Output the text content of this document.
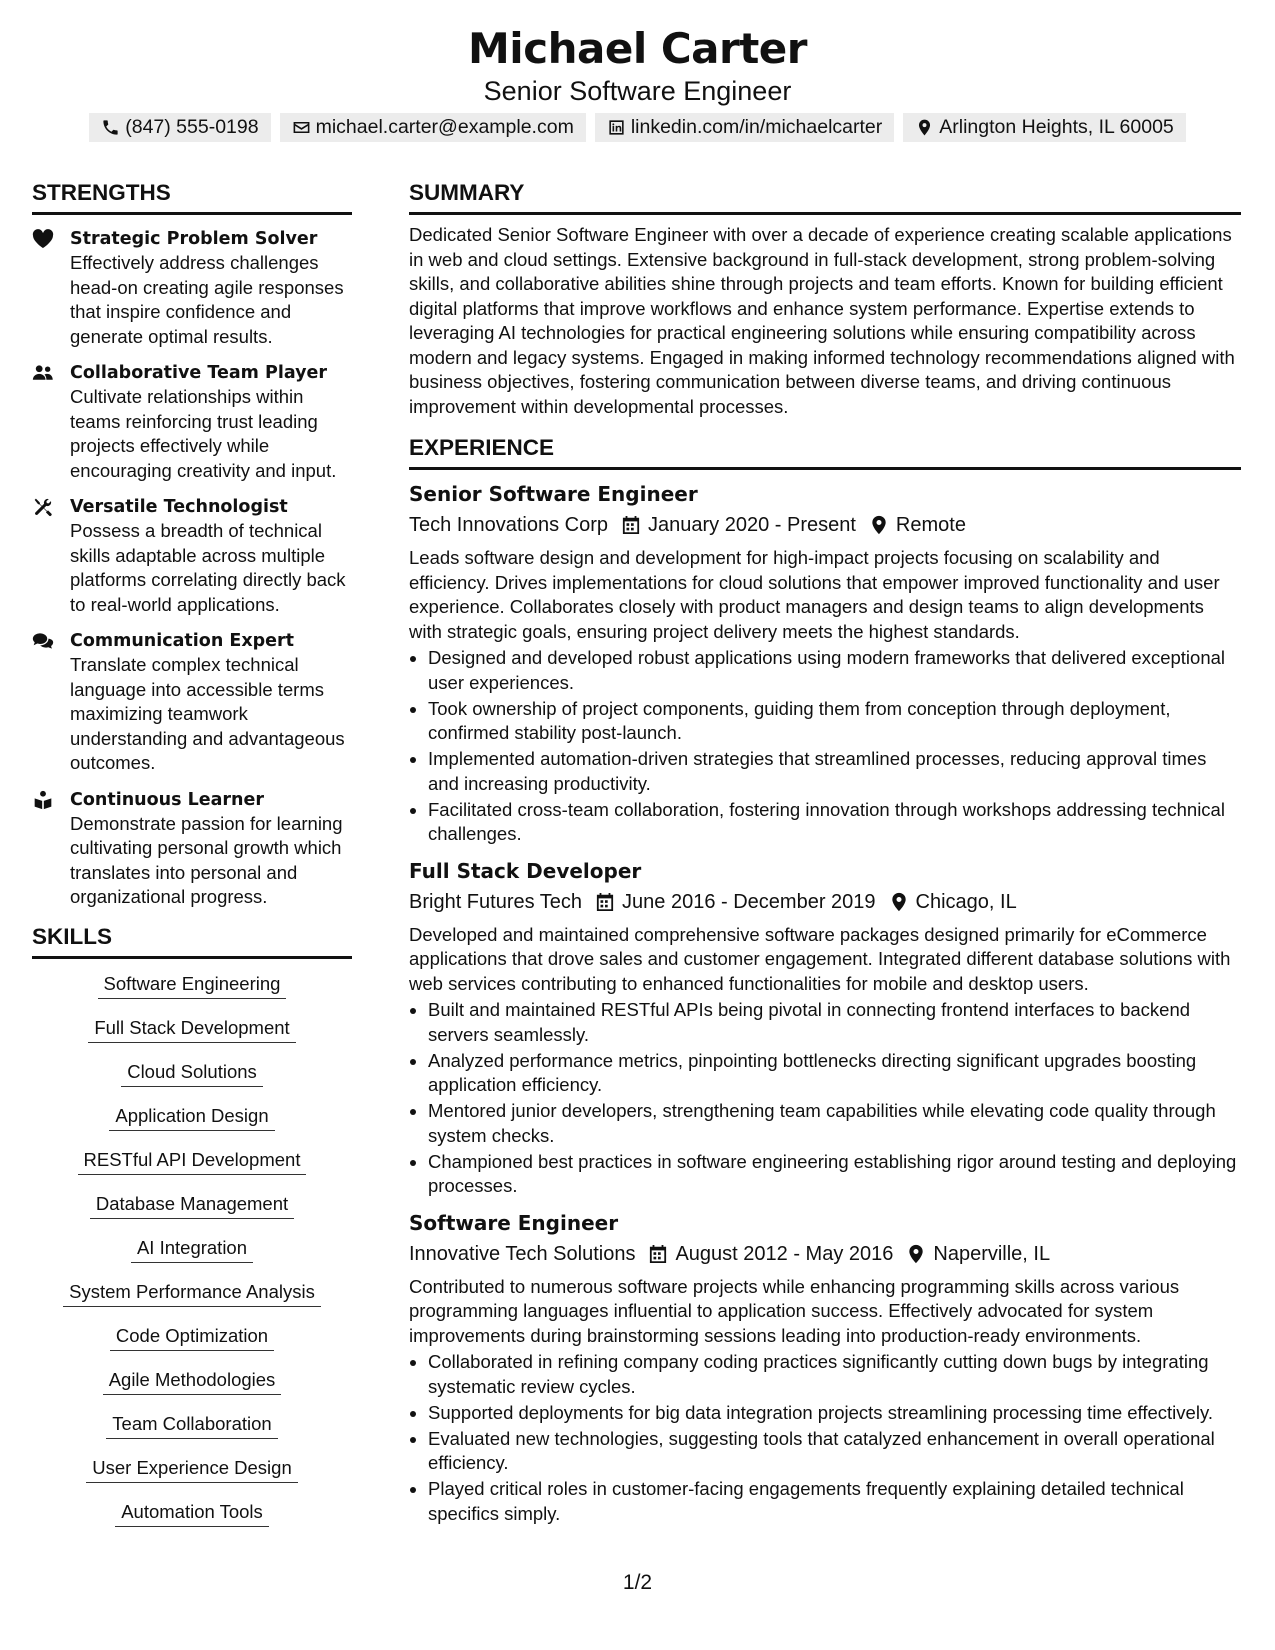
Michael Carter
Senior Software Engineer
(847) 555-0198	michael.carter@example.com	linkedin.com/in/michaelcarter	Arlington Heights, IL 60005
STRENGTHS
Strategic Problem Solver

Effectively address challenges head-on creating agile responses that inspire confidence and generate optimal results.

Collaborative Team Player

Cultivate relationships within teams reinforcing trust leading projects effectively while encouraging creativity and input.

Versatile Technologist

Possess a breadth of technical skills adaptable across multiple platforms correlating directly back to real-world applications.

Communication Expert

Translate complex technical language into accessible terms maximizing teamwork understanding and advantageous outcomes.

Continuous Learner

Demonstrate passion for learning cultivating personal growth which translates into personal and organizational progress.

SKILLS
Software Engineering
Full Stack Development
Cloud Solutions
Application Design
RESTful API Development
Database Management
AI Integration
System Performance Analysis
Code Optimization
Agile Methodologies
Team Collaboration
User Experience Design
Automation Tools
SUMMARY

Dedicated Senior Software Engineer with over a decade of experience creating scalable applications in web and cloud settings. Extensive background in full-stack development, strong problem-solving skills, and collaborative abilities shine through projects and team efforts. Known for building efficient digital platforms that improve workflows and enhance system performance. Expertise extends to leveraging AI technologies for practical engineering solutions while ensuring compatibility across modern and legacy systems. Engaged in making informed technology recommendations aligned with business objectives, fostering communication between diverse teams, and driving continuous improvement within developmental processes.

EXPERIENCE
Senior Software Engineer
Tech Innovations Corp January 2020 - Present Remote

Leads software design and development for high-impact projects focusing on scalability and efficiency. Drives implementations for cloud solutions that empower improved functionality and user experience. Collaborates closely with product managers and design teams to align developments with strategic goals, ensuring project delivery meets the highest standards.

• Designed and developed robust applications using modern frameworks that delivered exceptional user experiences.
• Took ownership of project components, guiding them from conception through deployment, confirmed stability post-launch.
• Implemented automation-driven strategies that streamlined processes, reducing approval times and increasing productivity.
• Facilitated cross-team collaboration, fostering innovation through workshops addressing technical challenges.
Full Stack Developer
Bright Futures Tech June 2016 - December 2019 Chicago, IL

Developed and maintained comprehensive software packages designed primarily for eCommerce applications that drove sales and customer engagement. Integrated different database solutions with web services contributing to enhanced functionalities for mobile and desktop users.

• Built and maintained RESTful APIs being pivotal in connecting frontend interfaces to backend servers seamlessly.
• Analyzed performance metrics, pinpointing bottlenecks directing significant upgrades boosting application efficiency.
• Mentored junior developers, strengthening team capabilities while elevating code quality through system checks.
• Championed best practices in software engineering establishing rigor around testing and deploying processes.
Software Engineer
Innovative Tech Solutions August 2012 - May 2016 Naperville, IL

Contributed to numerous software projects while enhancing programming skills across various programming languages influential to application success. Effectively advocated for system improvements during brainstorming sessions leading into production-ready environments.

• Collaborated in refining company coding practices significantly cutting down bugs by integrating systematic review cycles.
• Supported deployments for big data integration projects streamlining processing time effectively.
• Evaluated new technologies, suggesting tools that catalyzed enhancement in overall operational efficiency.
• Played critical roles in customer-facing engagements frequently explaining detailed technical specifics simply.
1/2
